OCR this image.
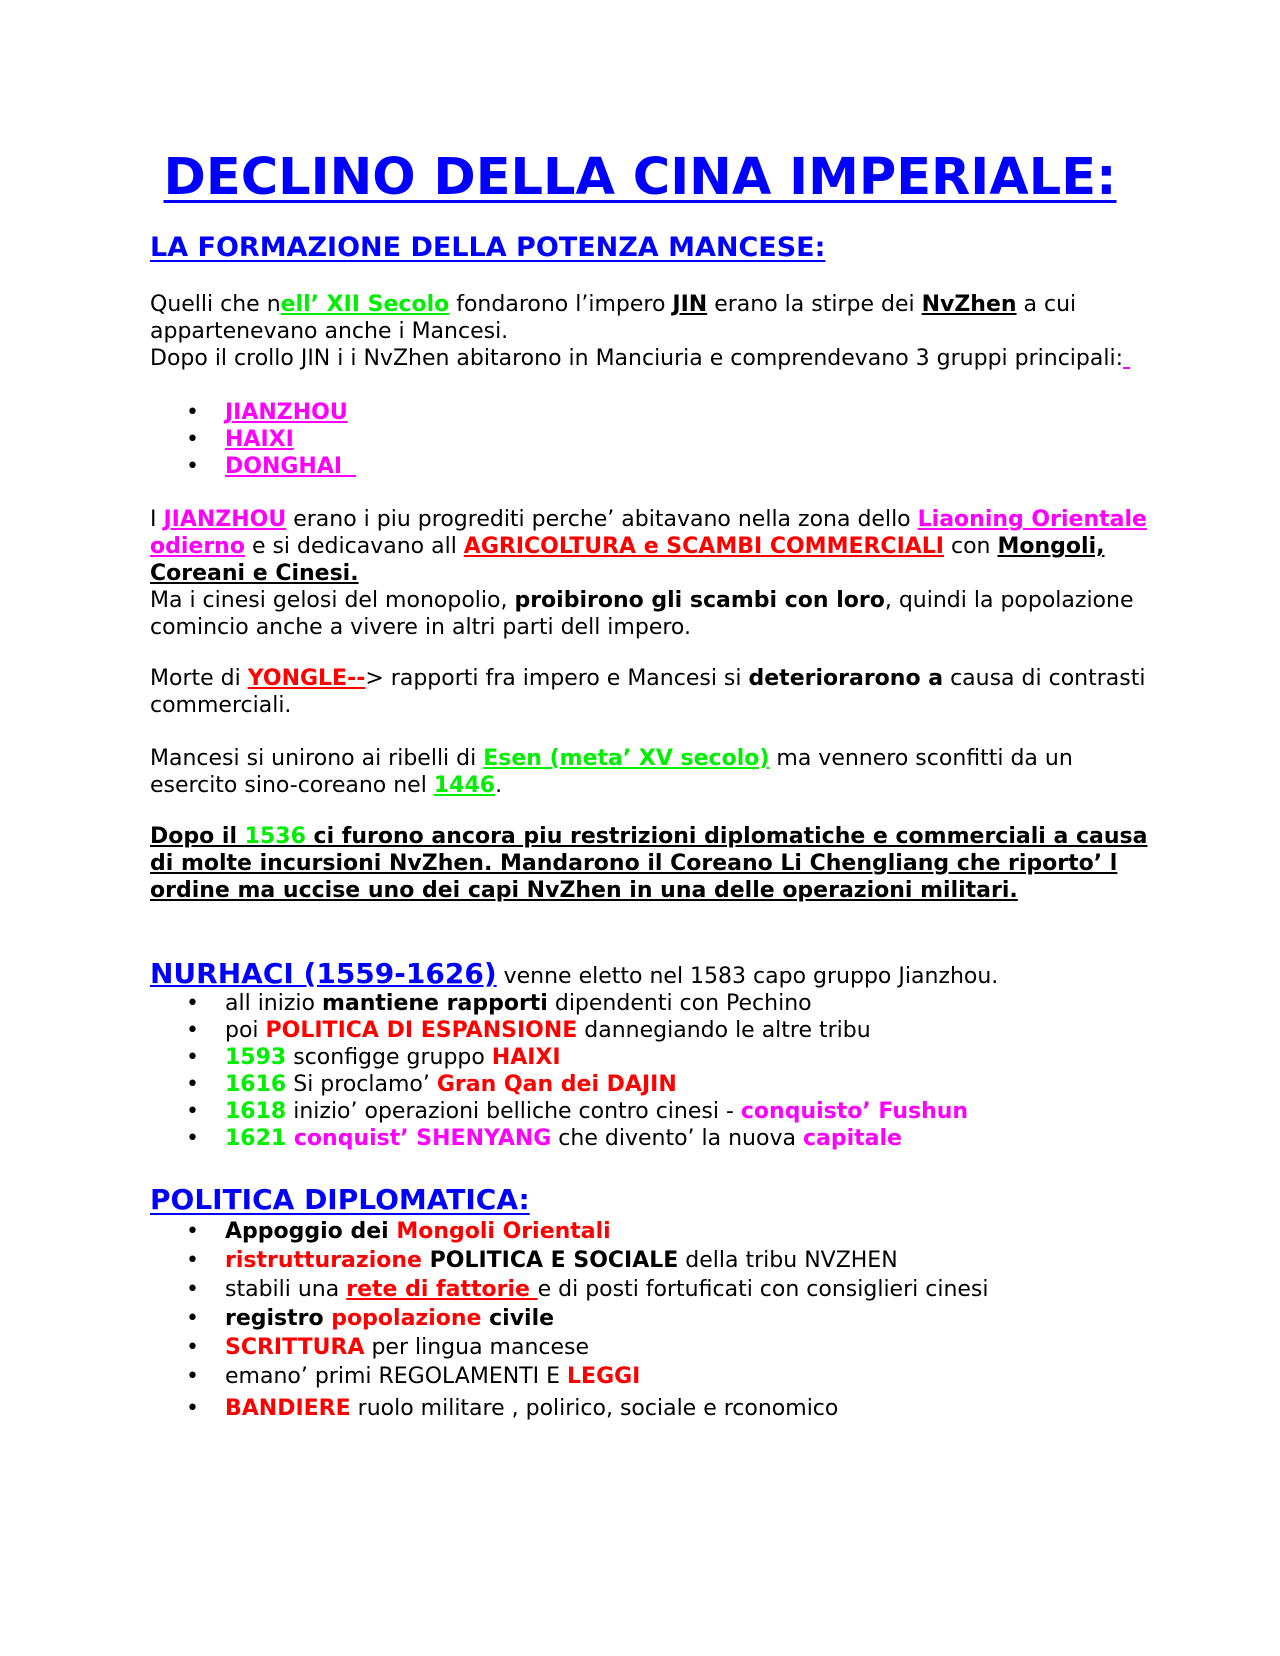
DECLINO DELLA CINA IMPERIALE:
LA FORMAZIONE DELLA POTENZA MANCESE:

Quelli che nell’ XII Secolo fondarono l’impero JIN erano la stirpe dei NvZhen a cui appartenevano anche i Mancesi.
Dopo il crollo JIN i i NvZhen abitarono in Manciuria e comprendevano 3 gruppi principali:

• JIANZHOU
• HAIXI
• DONGHAI

I JIANZHOU erano i piu progrediti perche’ abitavano nella zona dello Liaoning Orientale odierno e si dedicavano all AGRICOLTURA e SCAMBI COMMERCIALI con Mongoli, Coreani e Cinesi.
Ma i cinesi gelosi del monopolio, proibirono gli scambi con loro, quindi la popolazione comincio anche a vivere in altri parti dell impero.

Morte di YONGLE--> rapporti fra impero e Mancesi si deteriorarono a causa di contrasti commerciali.

Mancesi si unirono ai ribelli di Esen (meta’ XV secolo) ma vennero sconfitti da un esercito sino-coreano nel 1446.

Dopo il 1536 ci furono ancora piu restrizioni diplomatiche e commerciali a causa di molte incursioni NvZhen. Mandarono il Coreano Li Chengliang che riporto’ l ordine ma uccise uno dei capi NvZhen in una delle operazioni militari.

NURHACI (1559-1626) venne eletto nel 1583 capo gruppo Jianzhou.

• all inizio mantiene rapporti dipendenti con Pechino
• poi POLITICA DI ESPANSIONE dannegiando le altre tribu
• 1593 sconfigge gruppo HAIXI
• 1616 Si proclamo’ Gran Qan dei DAJIN
• 1618 inizio’ operazioni belliche contro cinesi - conquisto’ Fushun
• 1621 conquist’ SHENYANG che divento’ la nuova capitale
POLITICA DIPLOMATICA:
• Appoggio dei Mongoli Orientali
• ristrutturazione POLITICA E SOCIALE della tribu NVZHEN
• stabili una rete di fattorie e di posti fortuficati con consiglieri cinesi
• registro popolazione civile
• SCRITTURA per lingua mancese
• emano’ primi REGOLAMENTI E LEGGI
• BANDIERE ruolo militare , polirico, sociale e rconomico
